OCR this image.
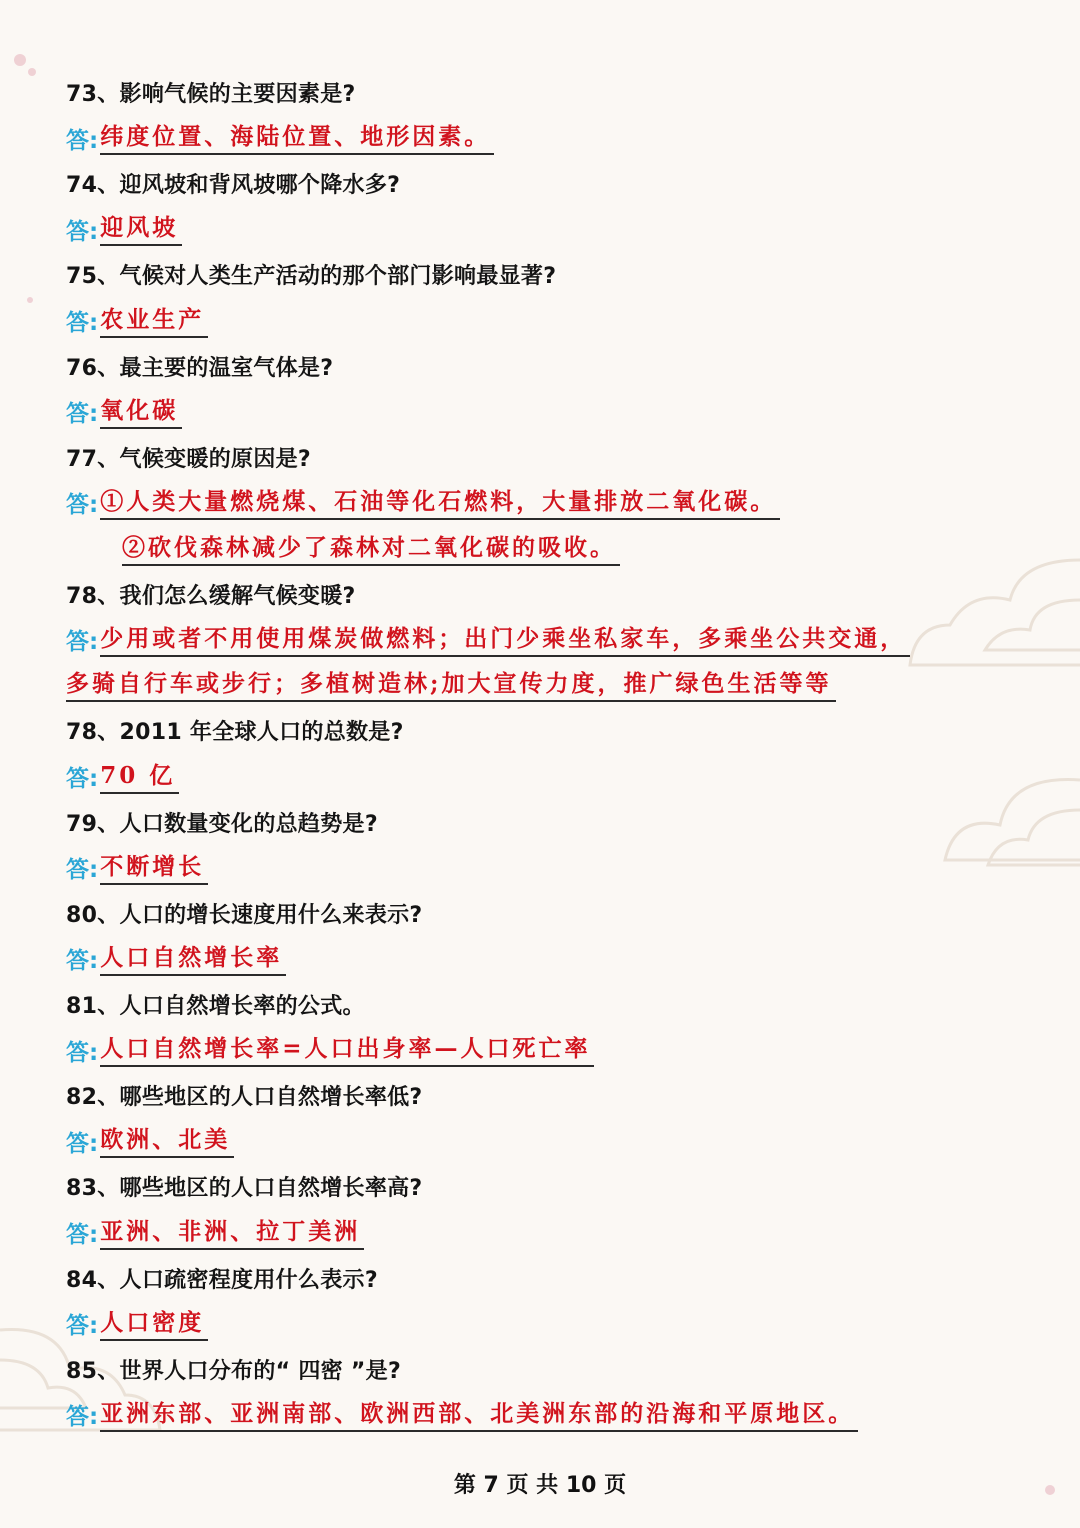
73、影响气候的主要因素是?
答: 纬度位置、海陆位置、地形因素。
74、迎风坡和背风坡哪个降水多?
答: 迎风坡
75、气候对人类生产活动的那个部门影响最显著?
答: 农业生产
76、最主要的温室气体是?
答: 氧化碳
77、气候变暖的原因是?
答: ①人类大量燃烧煤、石油等化石燃料，大量排放二氧化碳。
②砍伐森林减少了森林对二氧化碳的吸收。
78、我们怎么缓解气候变暖?
答: 少用或者不用使用煤炭做燃料；出门少乘坐私家车，多乘坐公共交通，
多骑自行车或步行；多植树造林;加大宣传力度，推广绿色生活等等
78、2011 年全球人口的总数是?
答: 70 亿
79、人口数量变化的总趋势是?
答: 不断增长
80、人口的增长速度用什么来表示?
答: 人口自然增长率
81、人口自然增长率的公式。
答: 人口自然增长率=人口出身率—人口死亡率
82、哪些地区的人口自然增长率低?
答: 欧洲、北美
83、哪些地区的人口自然增长率高?
答: 亚洲、非洲、拉丁美洲
84、人口疏密程度用什么表示?
答: 人口密度
85、世界人口分布的“ 四密 ”是?
答: 亚洲东部、亚洲南部、欧洲西部、北美洲东部的沿海和平原地区。
第 7 页 共 10 页
